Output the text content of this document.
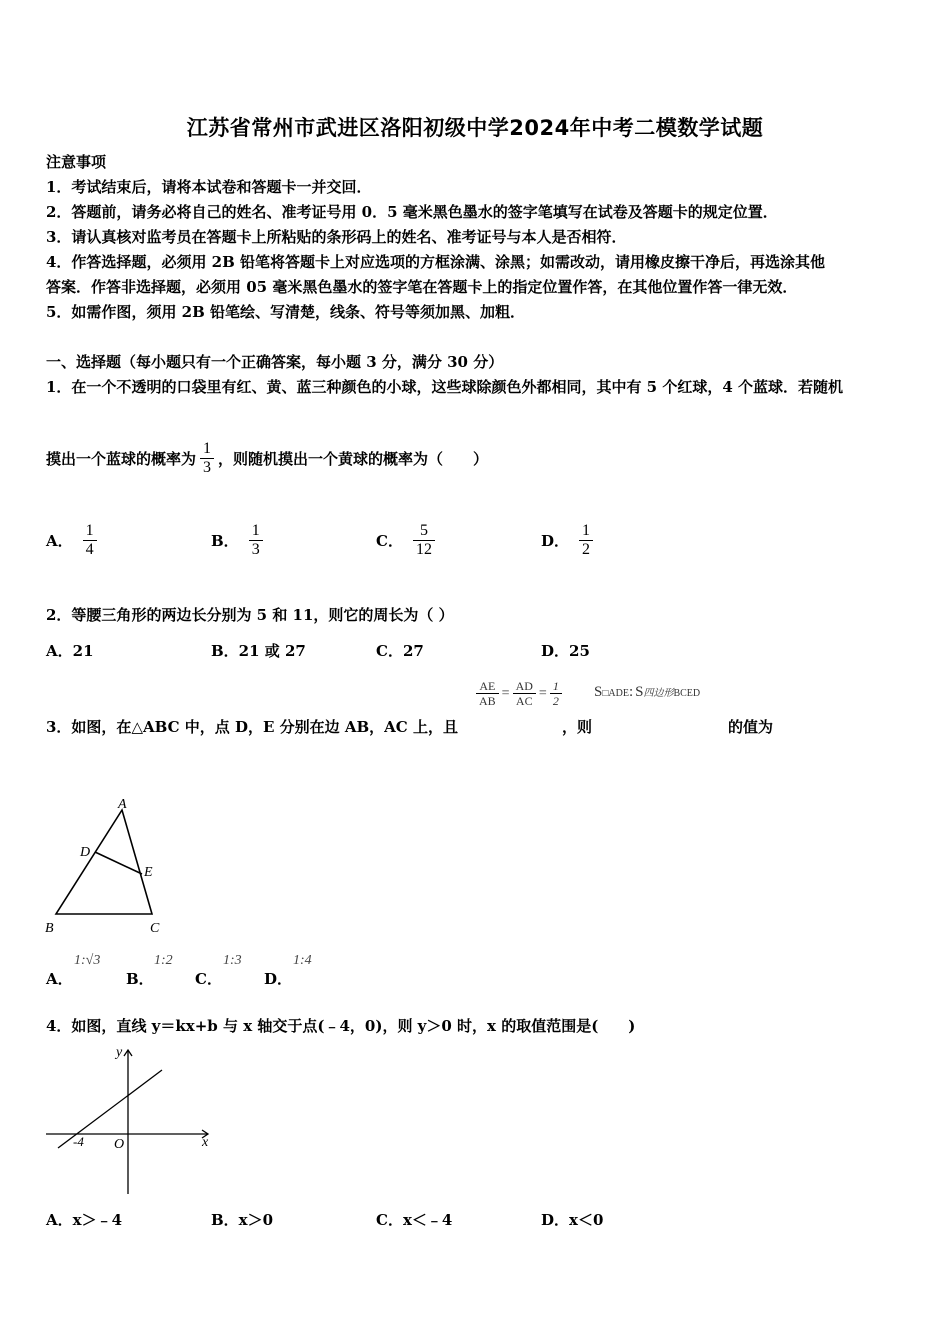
江苏省常州市武进区洛阳初级中学2024年中考二模数学试题
注意事项
1．考试结束后，请将本试卷和答题卡一并交回．
2．答题前，请务必将自己的姓名、准考证号用 0．5 毫米黑色墨水的签字笔填写在试卷及答题卡的规定位置．
3．请认真核对监考员在答题卡上所粘贴的条形码上的姓名、准考证号与本人是否相符．
4．作答选择题，必须用 2B 铅笔将答题卡上对应选项的方框涂满、涂黑；如需改动，请用橡皮擦干净后，再选涂其他
答案．作答非选择题，必须用 05 毫米黑色墨水的签字笔在答题卡上的指定位置作答，在其他位置作答一律无效．
5．如需作图，须用 2B 铅笔绘、写清楚，线条、符号等须加黑、加粗．
一、选择题（每小题只有一个正确答案，每小题 3 分，满分 30 分）
1．在一个不透明的口袋里有红、黄、蓝三种颜色的小球，这些球除颜色外都相同，其中有 5 个红球，4 个蓝球．若随机
摸出一个蓝球的概率为 $\frac{1}{3}$ ，则随机摸出一个黄球的概率为（　　）
A． $\frac{1}{4}$	B． $\frac{1}{3}$	C． $\frac{5}{12}$	D． $\frac{1}{2}$
2．等腰三角形的两边长分别为 5 和 11，则它的周长为（ ）
A．21	B．21 或 27	C．27	D．25
$\frac{AE}{AB} = \frac{AD}{AC} = \frac{1}{2}$ S□ADE: S四边形BCED
3．如图，在△ABC 中，点 D，E 分别在边 AB，AC 上，且	，则	的值为
A
D
E
B	C
A．
1:√3
B．
1:2
C．
1:3
D．
1:4
4．如图，直线 y＝kx+b 与 x 轴交于点(﹣4，0)，则 y＞0 时，x 的取值范围是(　　)
y
x
O
-4
A．x＞﹣4	B．x＞0	C．x＜﹣4	D．x＜0
